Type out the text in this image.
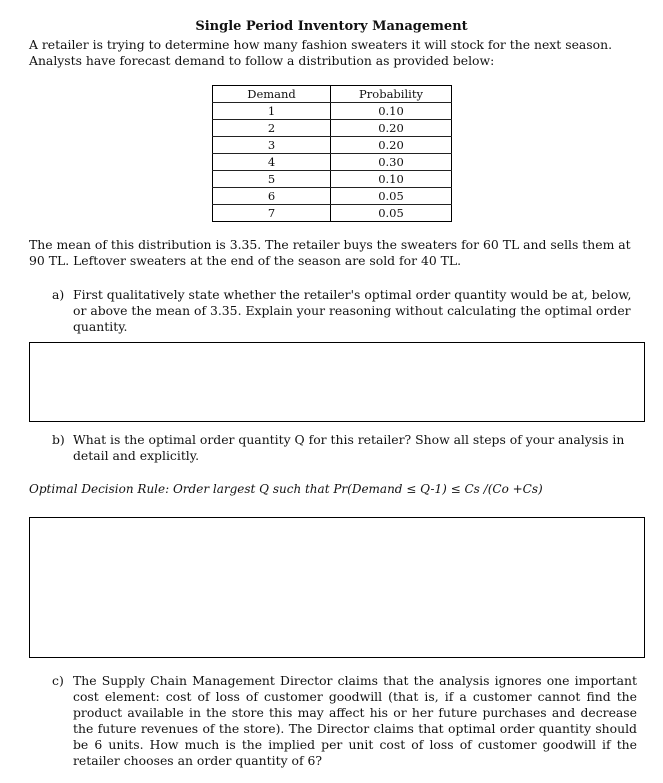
Single Period Inventory Management
A retailer is trying to determine how many fashion sweaters it will stock for the next season. Analysts have forecast demand to follow a distribution as provided below:
Demand	Probability
1	0.10
2	0.20
3	0.20
4	0.30
5	0.10
6	0.05
7	0.05
The mean of this distribution is 3.35. The retailer buys the sweaters for 60 TL and sells them at 90 TL. Leftover sweaters at the end of the season are sold for 40 TL.
a) First qualitatively state whether the retailer's optimal order quantity would be at, below, or above the mean of 3.35. Explain your reasoning without calculating the optimal order quantity.
b) What is the optimal order quantity Q for this retailer? Show all steps of your analysis in detail and explicitly.
Optimal Decision Rule: Order largest Q such that Pr(Demand ≤ Q-1) ≤ Cs /(Co +Cs)
c) The Supply Chain Management Director claims that the analysis ignores one important cost element: cost of loss of customer goodwill (that is, if a customer cannot find the product available in the store this may affect his or her future purchases and decrease the future revenues of the store). The Director claims that optimal order quantity should be 6 units. How much is the implied per unit cost of loss of customer goodwill if the retailer chooses an order quantity of 6?
